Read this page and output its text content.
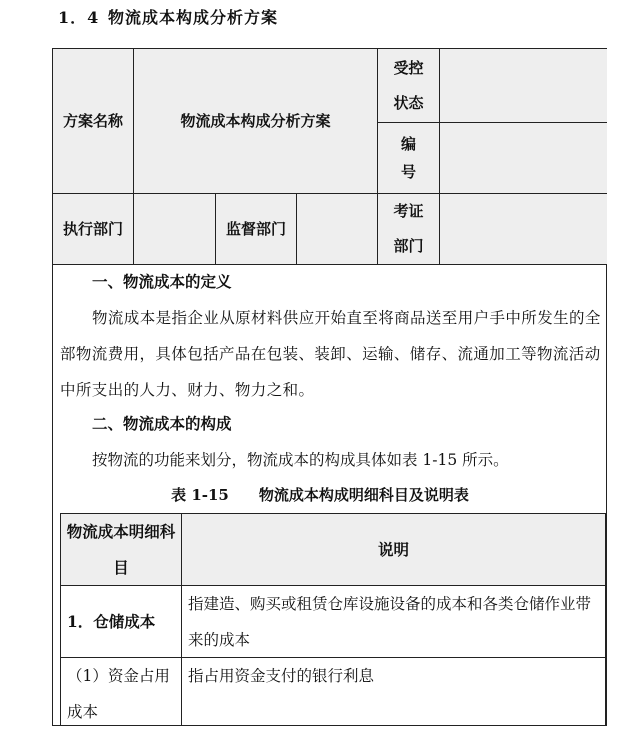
1．4 物流成本构成分析方案
方案名称	物流成本构成分析方案
受控状态
编号
执行部门	监督部门
考证部门
一、物流成本的定义
物流成本是指企业从原材料供应开始直至将商品送至用户手中所发生的全部物流费用，具体包括产品在包装、装卸、运输、储存、流通加工等物流活动中所支出的人力、财力、物力之和。
二、物流成本的构成
按物流的功能来划分，物流成本的构成具体如表 1-15 所示。
表 1-15 物流成本构成明细科目及说明表
物流成本明细科目
说明
1．仓储成本
指建造、购买或租赁仓库设施设备的成本和各类仓储作业带来的成本
（1）资金占用成本
指占用资金支付的银行利息
